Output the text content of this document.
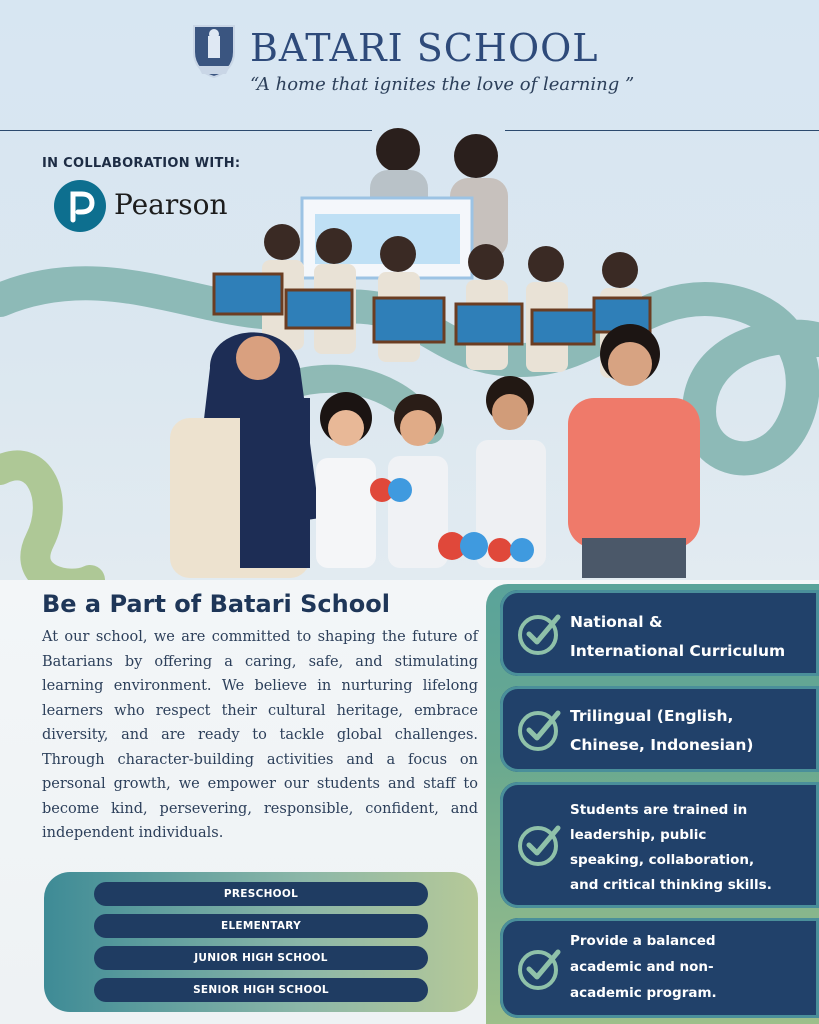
BATARI SCHOOL
“A home that ignites the love of learning ”
IN COLLABORATION WITH:
Pearson
Be a Part of Batari School
At our school, we are committed to shaping the future of Batarians by offering a caring, safe, and stimulating learning environment. We believe in nurturing lifelong learners who respect their cultural heritage, embrace diversity, and are ready to tackle global challenges. Through character-building activities and a focus on personal growth, we empower our students and staff to become kind, persevering, responsible, confident, and independent individuals.
PRESCHOOL
ELEMENTARY
JUNIOR HIGH SCHOOL
SENIOR HIGH SCHOOL
National &
International Curriculum
Trilingual (English,
Chinese, Indonesian)
Students are trained in
leadership, public
speaking, collaboration,
and critical thinking skills.
Provide a balanced
academic and non-
academic program.
